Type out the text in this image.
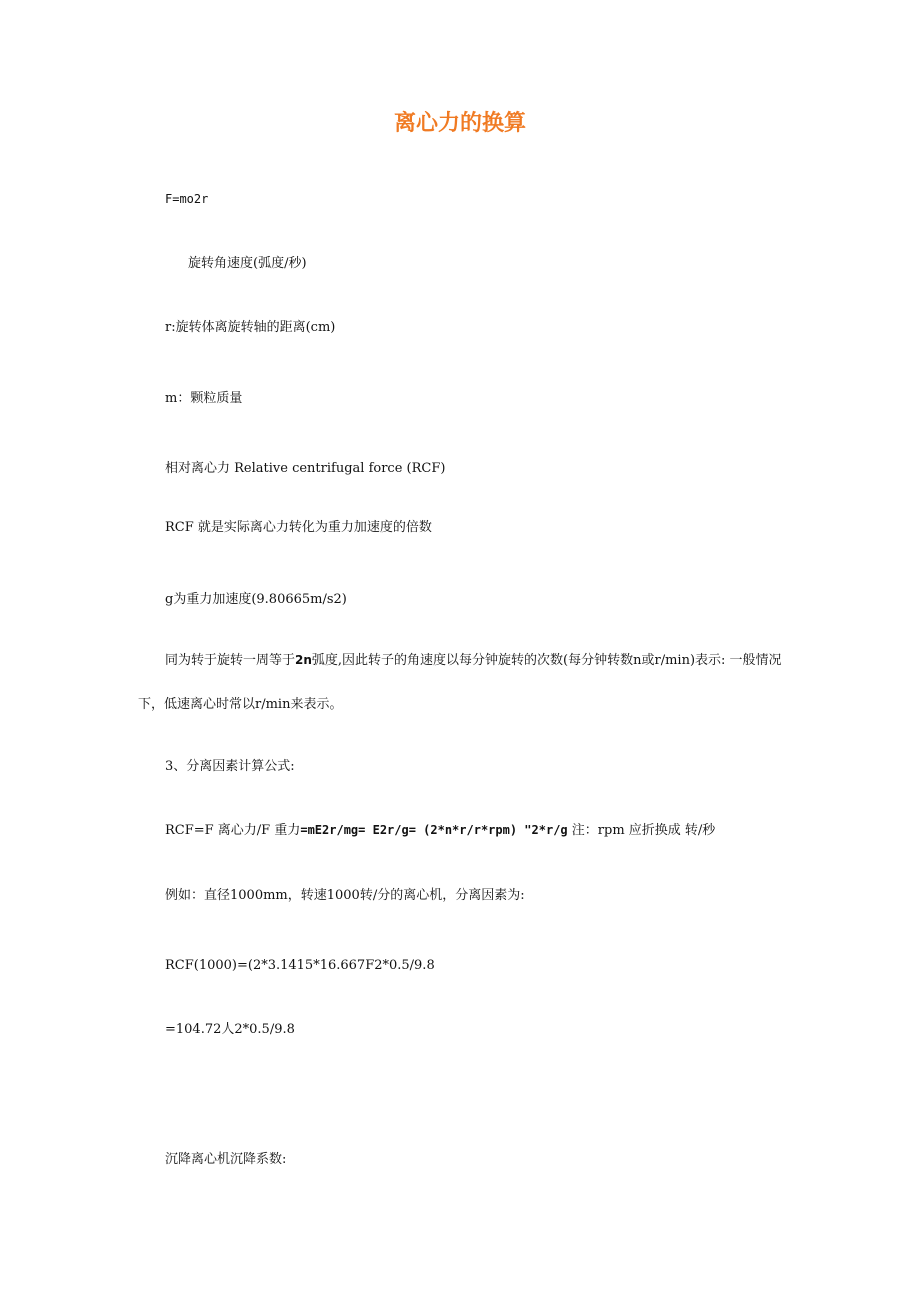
离心力的换算

F=mo2r

旋转角速度(弧度/秒)

r:旋转体离旋转轴的距离(cm)

m：颗粒质量

相对离心力 Relative centrifugal force (RCF)

RCF 就是实际离心力转化为重力加速度的倍数

g为重力加速度(9.80665m/s2)

同为转于旋转一周等于2n弧度,因此转子的角速度以每分钟旋转的次数(每分钟转数n或r/min)表示: 一般情况下，低速离心时常以r/min来表示。

3、分离因素计算公式:

RCF=F 离心力/F 重力=mE2r/mg= E2r/g= (2*n*r/r*rpm) "2*r/g 注：rpm 应折换成 转/秒

例如：直径1000mm，转速1000转/分的离心机，分离因素为:

RCF(1000)=(2*3.1415*16.667F2*0.5/9.8

=104.72人2*0.5/9.8

沉降离心机沉降系数:
